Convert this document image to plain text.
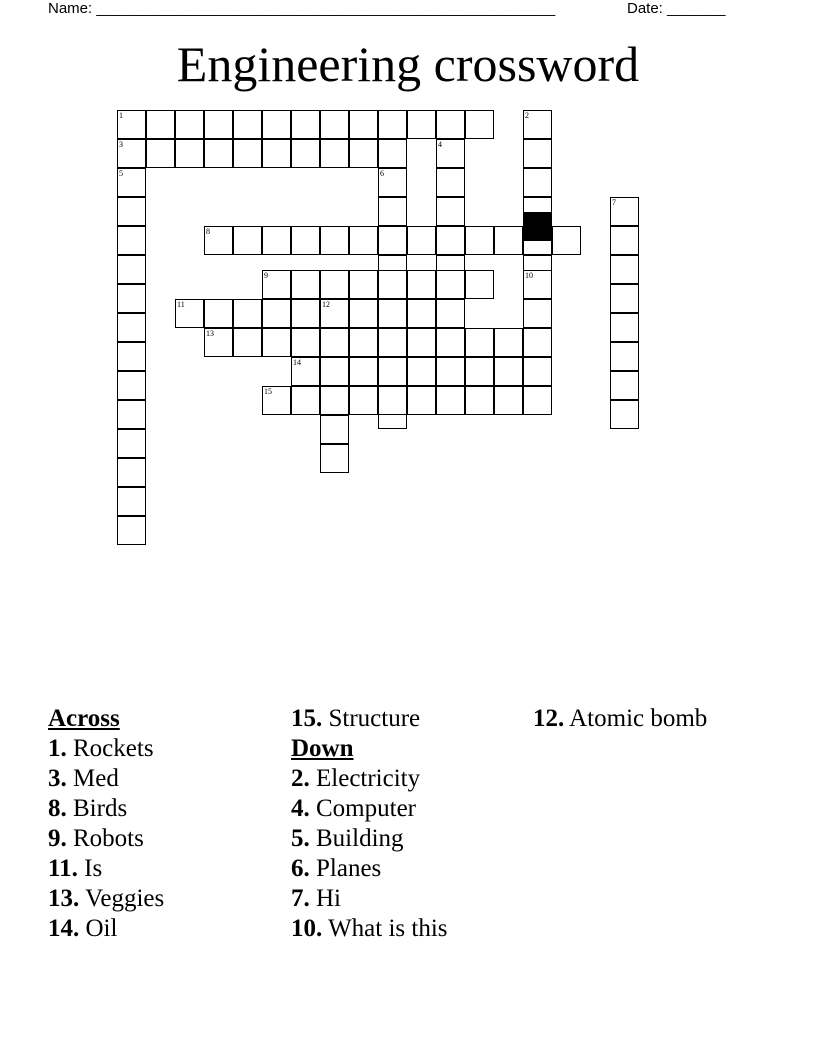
Name: _______________________________________________________	Date: _______
Engineering crossword
1	2
3	4
5	6
7
8
9	10
11	12
13
14
15
Across
1. Rockets
3. Med
8. Birds
9. Robots
11. Is
13. Veggies
14. Oil
15. Structure
Down
2. Electricity
4. Computer
5. Building
6. Planes
7. Hi
10. What is this
12. Atomic bomb
